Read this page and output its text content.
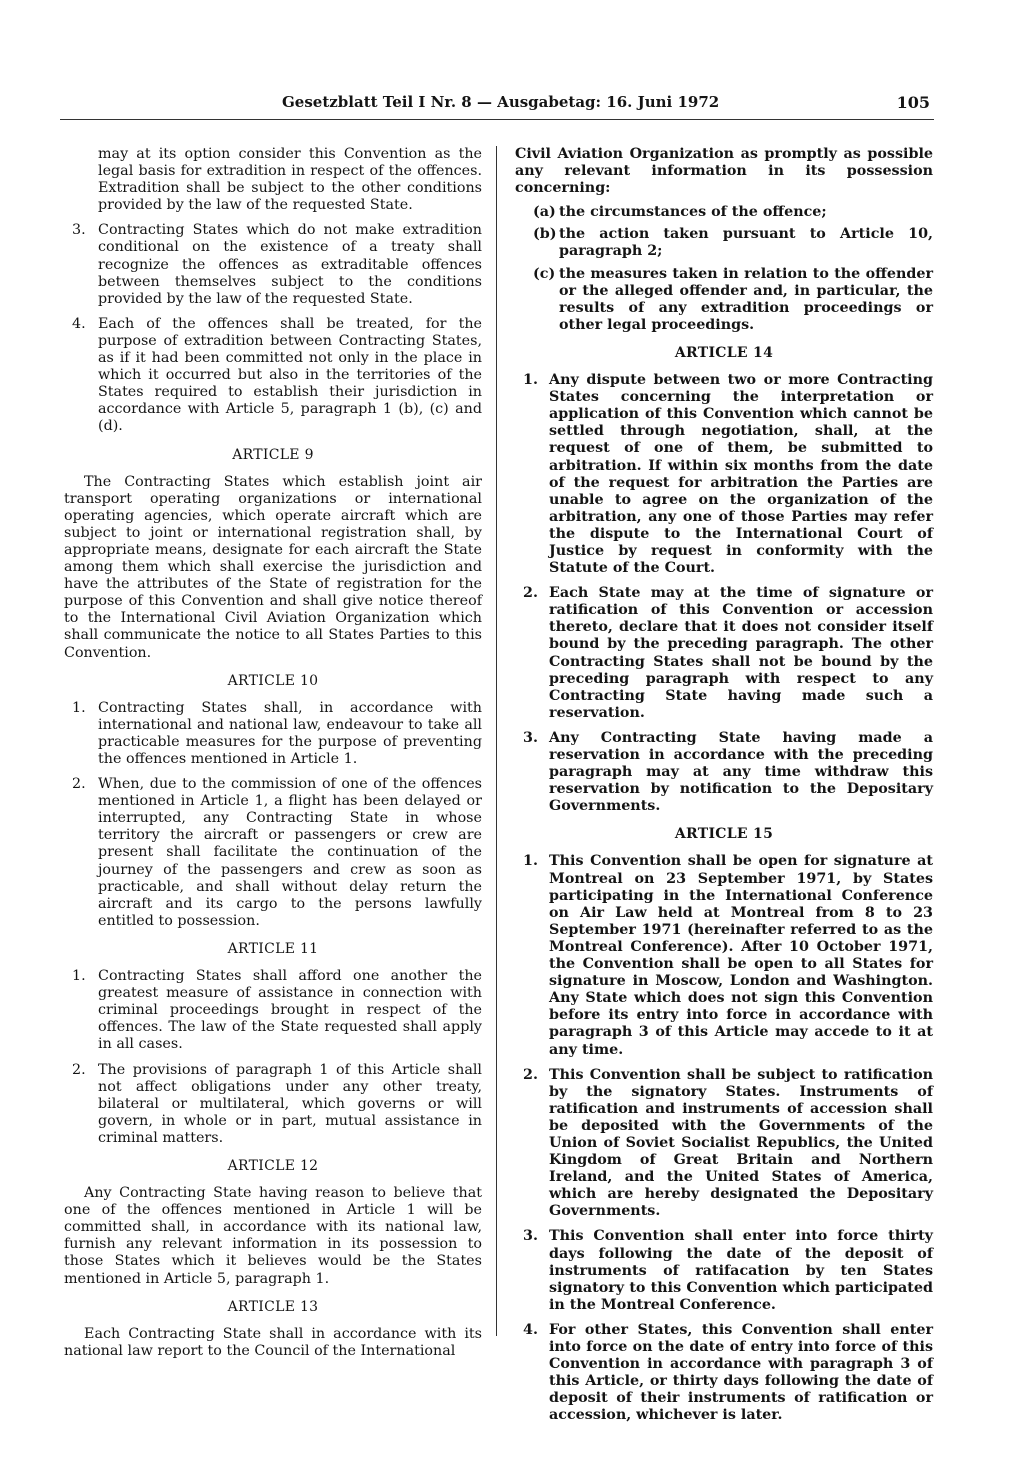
Gesetzblatt Teil I Nr. 8 — Ausgabetag: 16. Juni 1972	105

may at its option consider this Convention as the legal basis for extradition in respect of the offences. Extradition shall be subject to the other conditions provided by the law of the requested State.

3. Contracting States which do not make extradition conditional on the existence of a treaty shall recognize the offences as extraditable offences between themselves subject to the conditions provided by the law of the requested State.
4. Each of the offences shall be treated, for the purpose of extradition between Contracting States, as if it had been committed not only in the place in which it occurred but also in the territories of the States required to establish their jurisdiction in accordance with Article 5, paragraph 1 (b), (c) and (d).
ARTICLE 9

The Contracting States which establish joint air transport operating organizations or international operating agencies, which operate aircraft which are subject to joint or international registration shall, by appropriate means, designate for each aircraft the State among them which shall exercise the jurisdiction and have the attributes of the State of registration for the purpose of this Convention and shall give notice thereof to the International Civil Aviation Organization which shall communicate the notice to all States Parties to this Convention.

ARTICLE 10
1. Contracting States shall, in accordance with international and national law, endeavour to take all practicable measures for the purpose of preventing the offences mentioned in Article 1.
2. When, due to the commission of one of the offences mentioned in Article 1, a flight has been delayed or interrupted, any Contracting State in whose territory the aircraft or passengers or crew are present shall facilitate the continuation of the journey of the passengers and crew as soon as practicable, and shall without delay return the aircraft and its cargo to the persons lawfully entitled to possession.
ARTICLE 11
1. Contracting States shall afford one another the greatest measure of assistance in connection with criminal proceedings brought in respect of the offences. The law of the State requested shall apply in all cases.
2. The provisions of paragraph 1 of this Article shall not affect obligations under any other treaty, bilateral or multilateral, which governs or will govern, in whole or in part, mutual assistance in criminal matters.
ARTICLE 12

Any Contracting State having reason to believe that one of the offences mentioned in Article 1 will be committed shall, in accordance with its national law, furnish any relevant information in its possession to those States which it believes would be the States mentioned in Article 5, paragraph 1.

ARTICLE 13

Each Contracting State shall in accordance with its national law report to the Council of the International

Civil Aviation Organization as promptly as possible any relevant information in its possession concerning:

(a) the circumstances of the offence;
(b) the action taken pursuant to Article 10, paragraph 2;
(c) the measures taken in relation to the offender or the alleged offender and, in particular, the results of any extradition proceedings or other legal proceedings.
ARTICLE 14
1. Any dispute between two or more Contracting States concerning the interpretation or application of this Convention which cannot be settled through negotiation, shall, at the request of one of them, be submitted to arbitration. If within six months from the date of the request for arbitration the Parties are unable to agree on the organization of the arbitration, any one of those Parties may refer the dispute to the International Court of Justice by request in conformity with the Statute of the Court.
2. Each State may at the time of signature or ratification of this Convention or accession thereto, declare that it does not consider itself bound by the preceding paragraph. The other Contracting States shall not be bound by the preceding paragraph with respect to any Contracting State having made such a reservation.
3. Any Contracting State having made a reservation in accordance with the preceding paragraph may at any time withdraw this reservation by notification to the Depositary Governments.
ARTICLE 15
1. This Convention shall be open for signature at Montreal on 23 September 1971, by States participating in the International Conference on Air Law held at Montreal from 8 to 23 September 1971 (hereinafter referred to as the Montreal Conference). After 10 October 1971, the Convention shall be open to all States for signature in Moscow, London and Washington. Any State which does not sign this Convention before its entry into force in accordance with paragraph 3 of this Article may accede to it at any time.
2. This Convention shall be subject to ratification by the signatory States. Instruments of ratification and instruments of accession shall be deposited with the Governments of the Union of Soviet Socialist Republics, the United Kingdom of Great Britain and Northern Ireland, and the United States of America, which are hereby designated the Depositary Governments.
3. This Convention shall enter into force thirty days following the date of the deposit of instruments of ratifacation by ten States signatory to this Convention which participated in the Montreal Conference.
4. For other States, this Convention shall enter into force on the date of entry into force of this Convention in accordance with paragraph 3 of this Article, or thirty days following the date of deposit of their instruments of ratification or accession, whichever is later.
